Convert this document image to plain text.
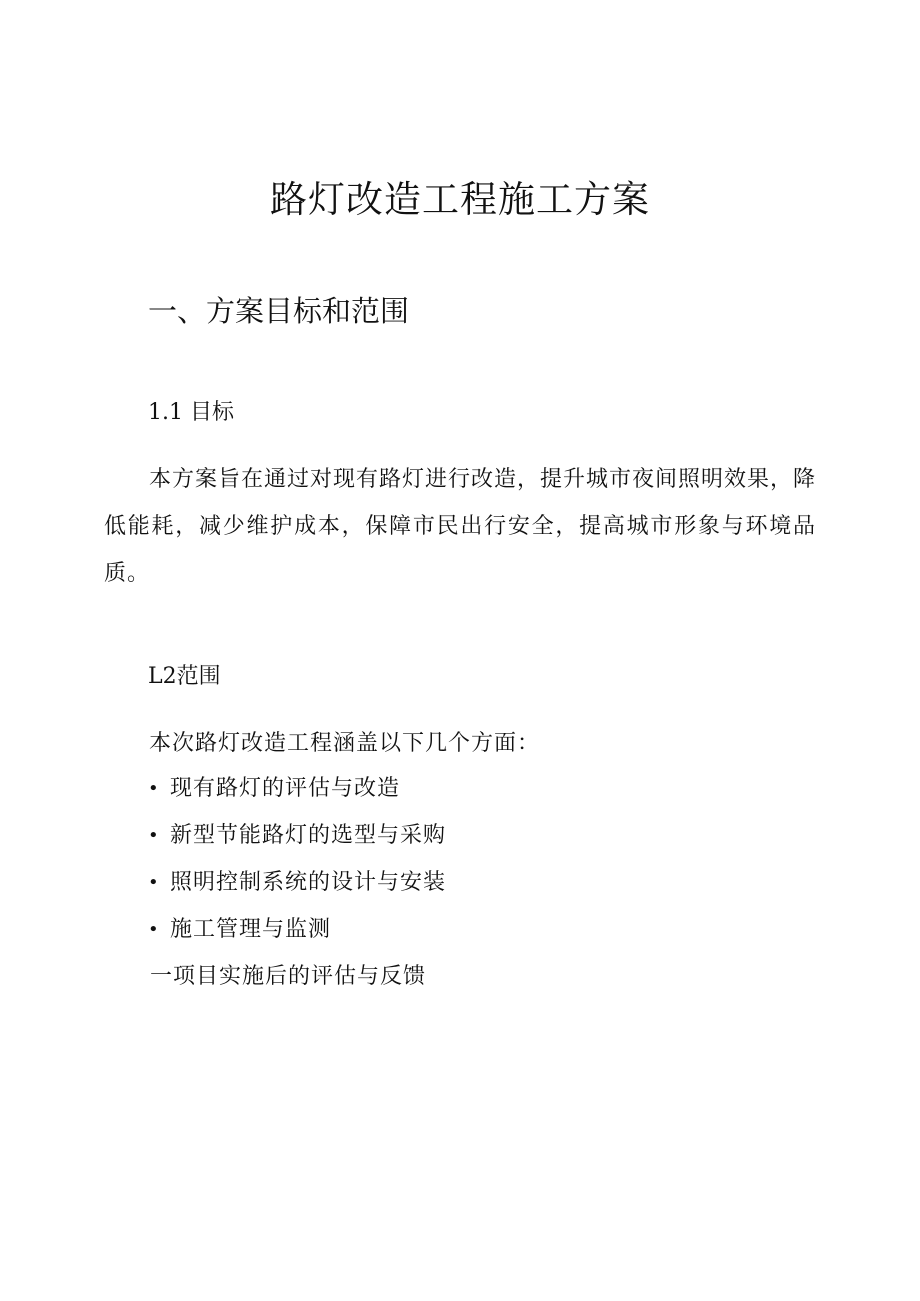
路灯改造工程施工方案
一、方案目标和范围
1.1 目标

本方案旨在通过对现有路灯进行改造，提升城市夜间照明效果，降低能耗，减少维护成本，保障市民出行安全，提高城市形象与环境品质。

L2范围

本次路灯改造工程涵盖以下几个方面：

• 现有路灯的评估与改造
• 新型节能路灯的选型与采购
• 照明控制系统的设计与安装
• 施工管理与监测

一项目实施后的评估与反馈
